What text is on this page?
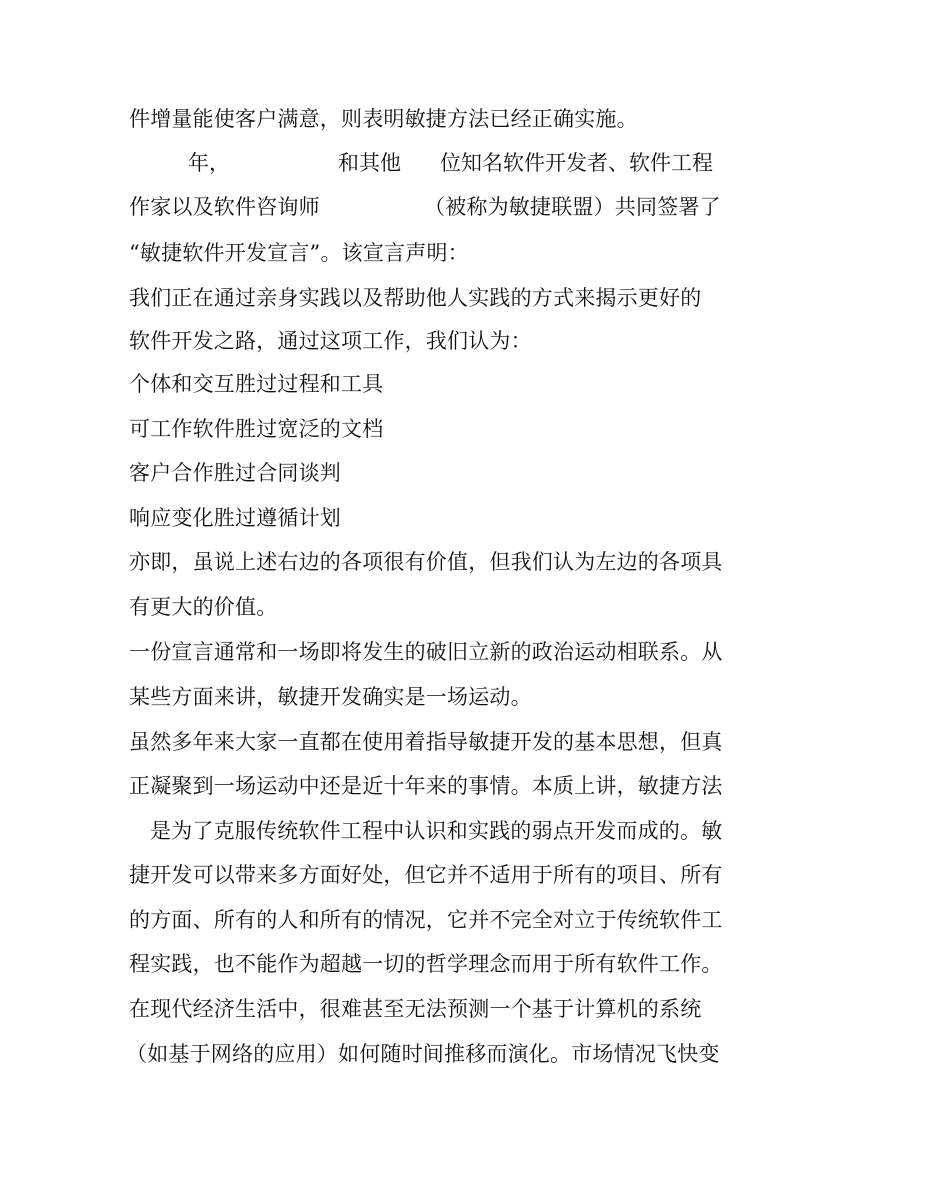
件增量能使客户满意，则表明敏捷方法已经正确实施。
年，	和其他 位知名软件开发者、软件工程
作家以及软件咨询师	（被称为敏捷联盟）共同签署了
“敏捷软件开发宣言”。该宣言声明：
我们正在通过亲身实践以及帮助他人实践的方式来揭示更好的
软件开发之路，通过这项工作，我们认为：
个体和交互胜过过程和工具
可工作软件胜过宽泛的文档
客户合作胜过合同谈判
响应变化胜过遵循计划
亦即，虽说上述右边的各项很有价值，但我们认为左边的各项具
有更大的价值。
一份宣言通常和一场即将发生的破旧立新的政治运动相联系。从
某些方面来讲，敏捷开发确实是一场运动。
虽然多年来大家一直都在使用着指导敏捷开发的基本思想，但真
正凝聚到一场运动中还是近十年来的事情。本质上讲，敏捷方法
是为了克服传统软件工程中认识和实践的弱点开发而成的。敏
捷开发可以带来多方面好处，但它并不适用于所有的项目、所有
的方面、所有的人和所有的情况，它并不完全对立于传统软件工
程实践，也不能作为超越一切的哲学理念而用于所有软件工作。
在现代经济生活中，很难甚至无法预测一个基于计算机的系统
（如基于网络的应用）如何随时间推移而演化。市场情况飞快变
